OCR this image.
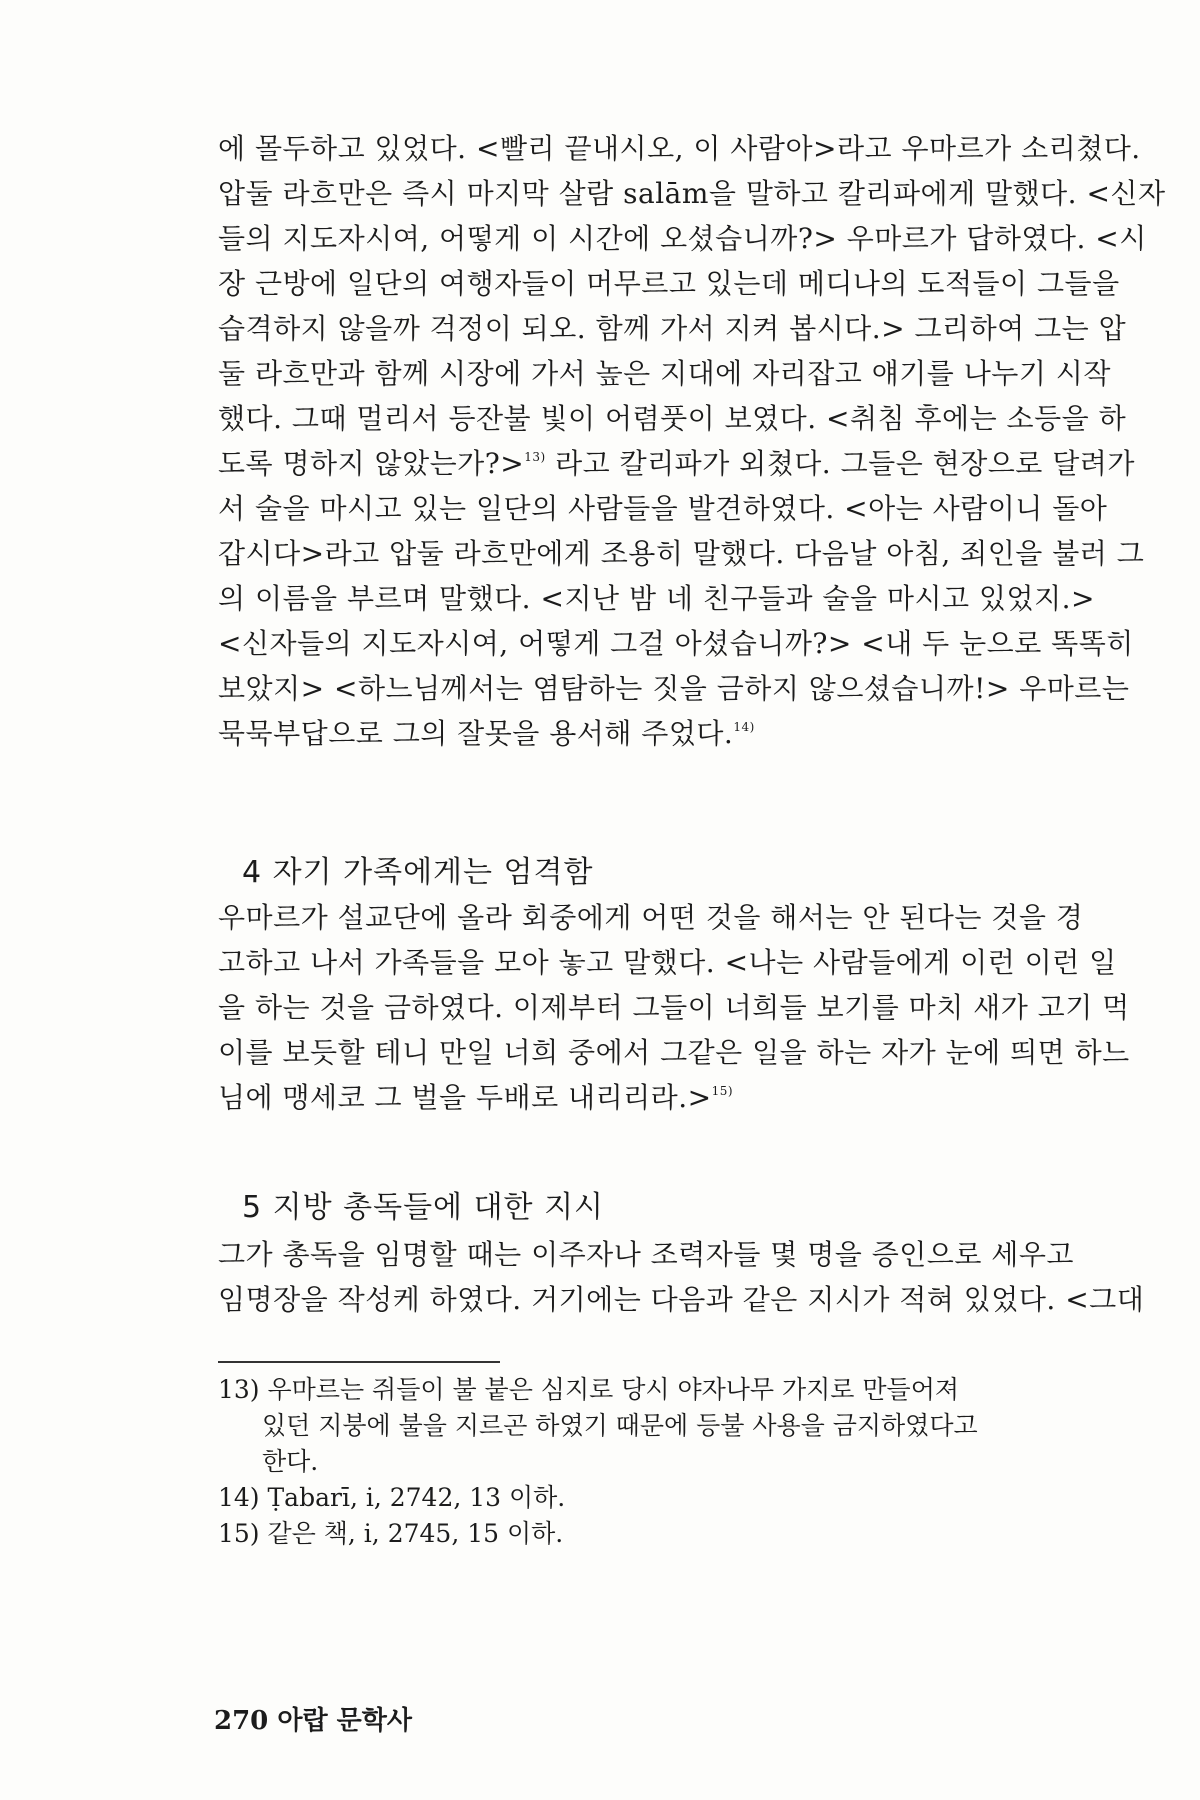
에 몰두하고 있었다. <빨리 끝내시오, 이 사람아>라고 우마르가 소리쳤다.
압둘 라흐만은 즉시 마지막 살람 salām을 말하고 칼리파에게 말했다. <신자
들의 지도자시여, 어떻게 이 시간에 오셨습니까?> 우마르가 답하였다. <시
장 근방에 일단의 여행자들이 머무르고 있는데 메디나의 도적들이 그들을
습격하지 않을까 걱정이 되오. 함께 가서 지켜 봅시다.> 그리하여 그는 압
둘 라흐만과 함께 시장에 가서 높은 지대에 자리잡고 얘기를 나누기 시작
했다. 그때 멀리서 등잔불 빛이 어렴풋이 보였다. <취침 후에는 소등을 하
도록 명하지 않았는가?>$^{13)}$ 라고 칼리파가 외쳤다. 그들은 현장으로 달려가
서 술을 마시고 있는 일단의 사람들을 발견하였다. <아는 사람이니 돌아
갑시다>라고 압둘 라흐만에게 조용히 말했다. 다음날 아침, 죄인을 불러 그
의 이름을 부르며 말했다. <지난 밤 네 친구들과 술을 마시고 있었지.>
<신자들의 지도자시여, 어떻게 그걸 아셨습니까?> <내 두 눈으로 똑똑히
보았지> <하느님께서는 염탐하는 짓을 금하지 않으셨습니까!> 우마르는
묵묵부답으로 그의 잘못을 용서해 주었다.$^{14)}$
4 자기 가족에게는 엄격함
우마르가 설교단에 올라 회중에게 어떤 것을 해서는 안 된다는 것을 경
고하고 나서 가족들을 모아 놓고 말했다. <나는 사람들에게 이런 이런 일
을 하는 것을 금하였다. 이제부터 그들이 너희들 보기를 마치 새가 고기 먹
이를 보듯할 테니 만일 너희 중에서 그같은 일을 하는 자가 눈에 띄면 하느
님에 맹세코 그 벌을 두배로 내리리라.>$^{15)}$
5 지방 총독들에 대한 지시
그가 총독을 임명할 때는 이주자나 조력자들 몇 명을 증인으로 세우고
임명장을 작성케 하였다. 거기에는 다음과 같은 지시가 적혀 있었다. <그대
13) 우마르는 쥐들이 불 붙은 심지로 당시 야자나무 가지로 만들어져
있던 지붕에 불을 지르곤 하였기 때문에 등불 사용을 금지하였다고
한다.
14) Ṭabarī, i, 2742, 13 이하.
15) 같은 책, i, 2745, 15 이하.
270 아랍 문학사
